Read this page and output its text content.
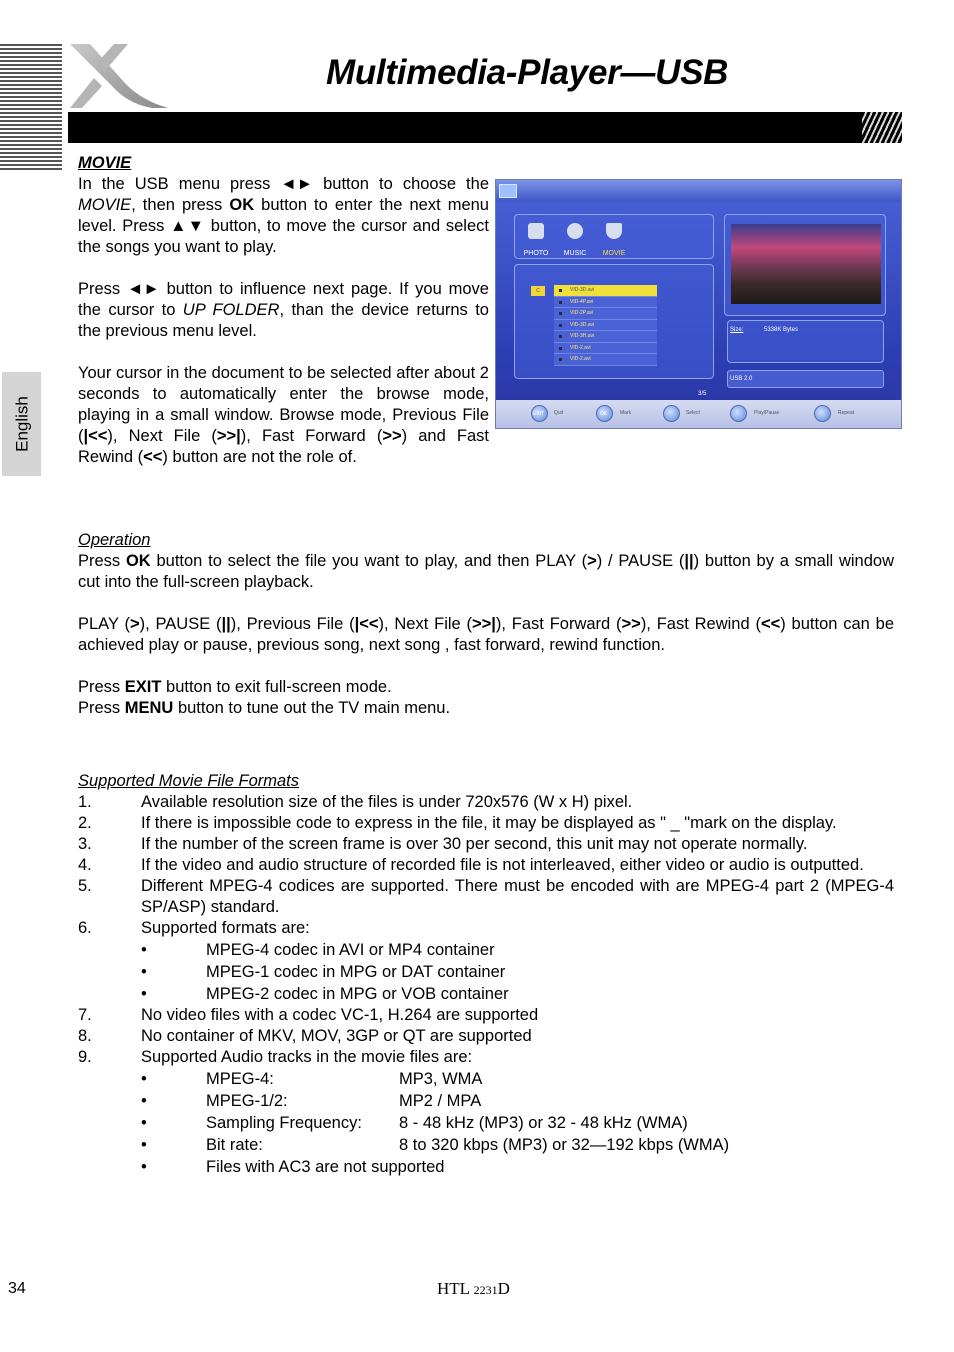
Multimedia-Player—USB
English
MOVIE

In the USB menu press ◄► button to choose the MOVIE, then press OK button to enter the next menu level. Press ▲▼ button, to move the cursor and select the songs you want to play.

Press ◄► button to influence next page. If you move the cursor to UP FOLDER, than the device returns to the previous menu level.

Your cursor in the document to be selected after about 2 seconds to automatically enter the browse mode, playing in a small window. Browse mode, Previous File (|<<), Next File (>>|), Fast Forward (>>) and Fast Rewind (<<) button are not the role of.

Operation

Press OK button to select the file you want to play, and then PLAY (>) / PAUSE (||) button by a small window cut into the full-screen playback.

PLAY (>), PAUSE (||), Previous File (|<<), Next File (>>|), Fast Forward (>>), Fast Rewind (<<) button can be achieved play or pause, previous song, next song , fast forward, rewind function.

Press EXIT button to exit full-screen mode.

Press MENU button to tune out the TV main menu.

Supported Movie File Formats
1.	Available resolution size of the files is under 720x576 (W x H) pixel.
2.	If there is impossible code to express in the file, it may be displayed as " _ "mark on the display.
3.	If the number of the screen frame is over 30 per second, this unit may not operate normally.
4.	If the video and audio structure of recorded file is not interleaved, either video or audio is outputted.
5.	Different MPEG-4 codices are supported. There must be encoded with are MPEG-4 part 2 (MPEG-4 SP/ASP) standard.
6.	Supported formats are:
•	MPEG-4 codec in AVI or MP4 container
•	MPEG-1 codec in MPG or DAT container
•	MPEG-2 codec in MPG or VOB container
7.	No video files with a codec VC-1, H.264 are supported
8.	No container of MKV, MOV, 3GP or QT are supported
9.	Supported Audio tracks in the movie files are:
•	MPEG-4:	MP3, WMA
•	MPEG-1/2:	MP2 / MPA
•	Sampling Frequency: 8 - 48 kHz (MP3) or 32 - 48 kHz (WMA)
•	Bit rate:	8 to 320 kbps (MP3) or 32—192 kbps (WMA)
•	Files with AC3 are not supported
PHOTO	MUSIC	MOVIE
C	VID-3D.avi
VID-4P.avi
VID-2P.avi
VID-3D.avi
VID-3H.avi
VID-2.avi
VID-2.avi
Size:	5338K Bytes
USB 2.0
3/5
EXIT Quit	OK	Mark	Select	Play/Pause	Repeat
34	HTL 2231D
